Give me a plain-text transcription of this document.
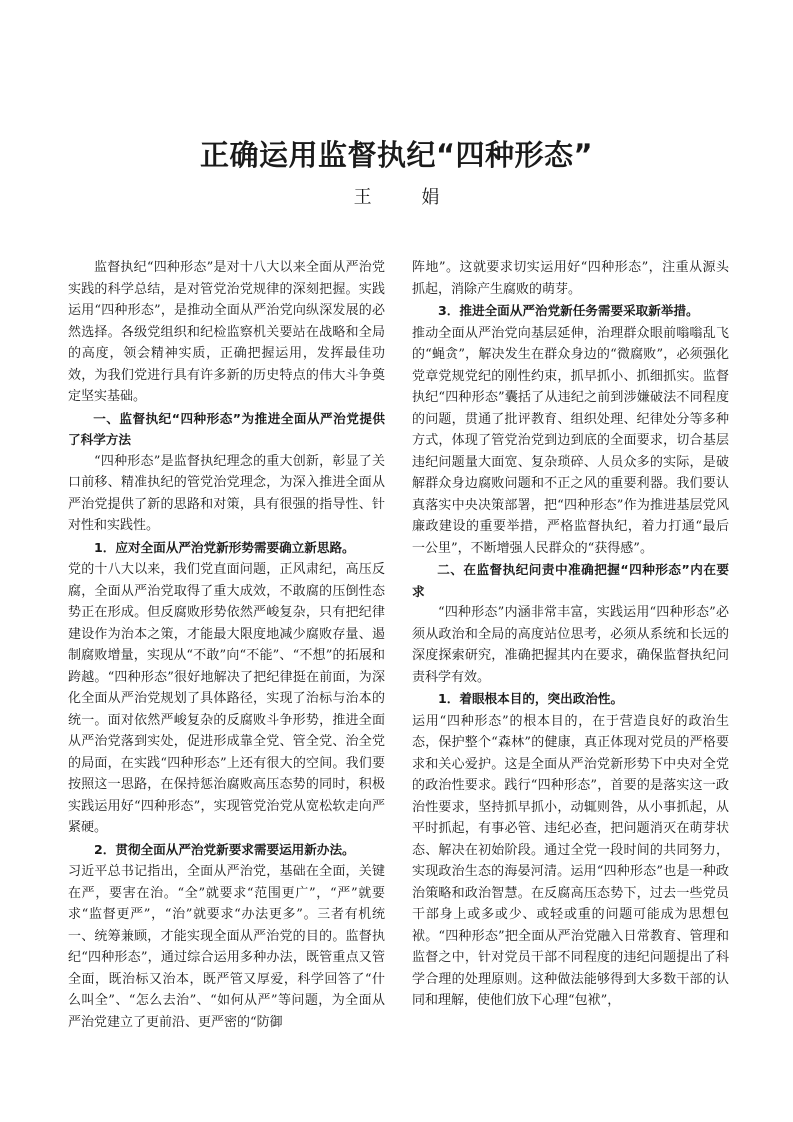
正确运用监督执纪“四种形态”
王 娟

监督执纪“四种形态”是对十八大以来全面从严治党实践的科学总结，是对管党治党规律的深刻把握。实践运用“四种形态”，是推动全面从严治党向纵深发展的必然选择。各级党组织和纪检监察机关要站在战略和全局的高度，领会精神实质，正确把握运用，发挥最佳功效，为我们党进行具有许多新的历史特点的伟大斗争奠定坚实基础。

一、监督执纪“四种形态”为推进全面从严治党提供了科学方法

“四种形态”是监督执纪理念的重大创新，彰显了关口前移、精准执纪的管党治党理念，为深入推进全面从严治党提供了新的思路和对策，具有很强的指导性、针对性和实践性。

1．应对全面从严治党新形势需要确立新思路。

党的十八大以来，我们党直面问题，正风肃纪，高压反腐，全面从严治党取得了重大成效，不敢腐的压倒性态势正在形成。但反腐败形势依然严峻复杂，只有把纪律建设作为治本之策，才能最大限度地减少腐败存量、遏制腐败增量，实现从“不敢”向“不能”、“不想”的拓展和跨越。“四种形态”很好地解决了把纪律挺在前面，为深化全面从严治党规划了具体路径，实现了治标与治本的统一。面对依然严峻复杂的反腐败斗争形势，推进全面从严治党落到实处，促进形成靠全党、管全党、治全党的局面，在实践“四种形态”上还有很大的空间。我们要按照这一思路，在保持惩治腐败高压态势的同时，积极实践运用好“四种形态”，实现管党治党从宽松软走向严紧硬。

2．贯彻全面从严治党新要求需要运用新办法。

习近平总书记指出，全面从严治党，基础在全面，关键在严，要害在治。“全”就要求“范围更广”，“严”就要求“监督更严”，“治”就要求“办法更多”。三者有机统一、统筹兼顾，才能实现全面从严治党的目的。监督执纪“四种形态”，通过综合运用多种办法，既管重点又管全面，既治标又治本，既严管又厚爱，科学回答了“什么叫全”、“怎么去治”、“如何从严”等问题，为全面从严治党建立了更前沿、更严密的“防御

阵地”。这就要求切实运用好“四种形态”，注重从源头抓起，消除产生腐败的萌芽。

3．推进全面从严治党新任务需要采取新举措。

推动全面从严治党向基层延伸，治理群众眼前嗡嗡乱飞的“蝇贪”，解决发生在群众身边的“微腐败”，必须强化党章党规党纪的刚性约束，抓早抓小、抓细抓实。监督执纪“四种形态”囊括了从违纪之前到涉嫌破法不同程度的问题，贯通了批评教育、组织处理、纪律处分等多种方式，体现了管党治党到边到底的全面要求，切合基层违纪问题量大面宽、复杂琐碎、人员众多的实际，是破解群众身边腐败问题和不正之风的重要利器。我们要认真落实中央决策部署，把“四种形态”作为推进基层党风廉政建设的重要举措，严格监督执纪，着力打通“最后一公里”，不断增强人民群众的“获得感”。

二、在监督执纪问责中准确把握“四种形态”内在要求

“四种形态”内涵非常丰富，实践运用“四种形态”必须从政治和全局的高度站位思考，必须从系统和长远的深度探索研究，准确把握其内在要求，确保监督执纪问责科学有效。

1．着眼根本目的，突出政治性。

运用“四种形态”的根本目的，在于营造良好的政治生态，保护整个“森林”的健康，真正体现对党员的严格要求和关心爱护。这是全面从严治党新形势下中央对全党的政治性要求。践行“四种形态”，首要的是落实这一政治性要求，坚持抓早抓小，动辄则咎，从小事抓起，从平时抓起，有事必管、违纪必查，把问题消灭在萌芽状态、解决在初始阶段。通过全党一段时间的共同努力，实现政治生态的海晏河清。运用“四种形态”也是一种政治策略和政治智慧。在反腐高压态势下，过去一些党员干部身上或多或少、或轻或重的问题可能成为思想包袱。“四种形态”把全面从严治党融入日常教育、管理和监督之中，针对党员干部不同程度的违纪问题提出了科学合理的处理原则。这种做法能够得到大多数干部的认同和理解，使他们放下心理“包袱”，
